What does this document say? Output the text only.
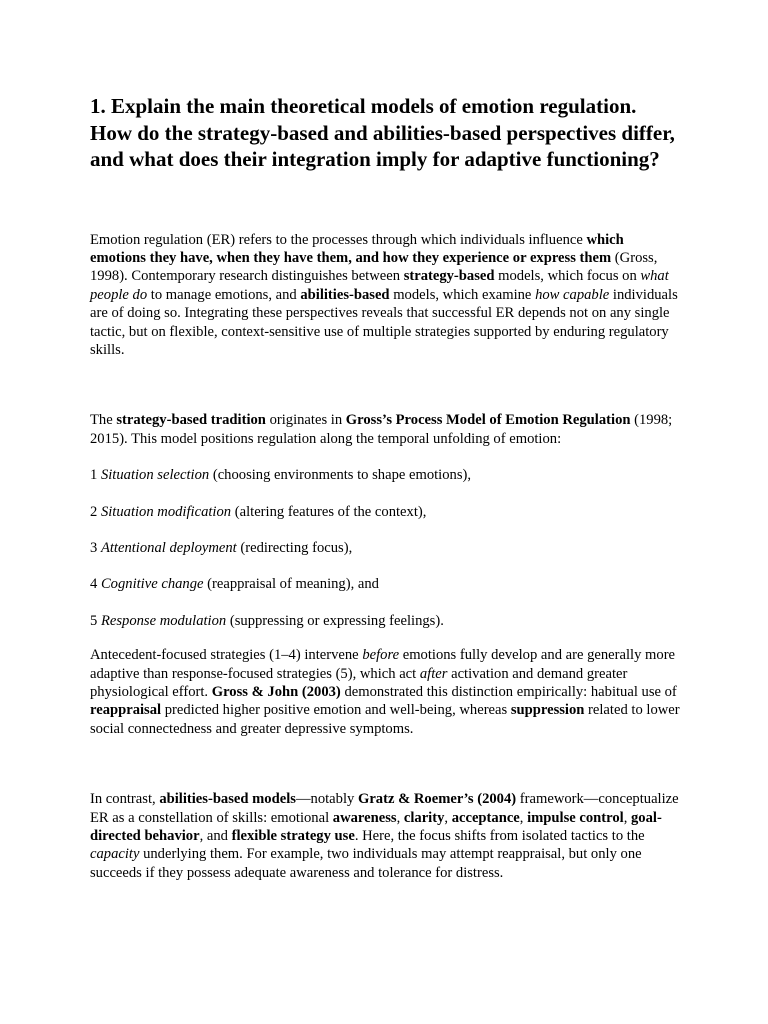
1. Explain the main theoretical models of emotion regulation. How do the strategy-based and abilities-based perspectives differ, and what does their integration imply for adaptive functioning?

Emotion regulation (ER) refers to the processes through which individuals influence which emotions they have, when they have them, and how they experience or express them (Gross, 1998). Contemporary research distinguishes between strategy-based models, which focus on what people do to manage emotions, and abilities-based models, which examine how capable individuals are of doing so. Integrating these perspectives reveals that successful ER depends not on any single tactic, but on flexible, context-sensitive use of multiple strategies supported by enduring regulatory skills.

The strategy-based tradition originates in Gross’s Process Model of Emotion Regulation (1998; 2015). This model positions regulation along the temporal unfolding of emotion:

1 Situation selection (choosing environments to shape emotions),

2 Situation modification (altering features of the context),

3 Attentional deployment (redirecting focus),

4 Cognitive change (reappraisal of meaning), and

5 Response modulation (suppressing or expressing feelings).

Antecedent-focused strategies (1–4) intervene before emotions fully develop and are generally more adaptive than response-focused strategies (5), which act after activation and demand greater physiological effort. Gross & John (2003) demonstrated this distinction empirically: habitual use of reappraisal predicted higher positive emotion and well-being, whereas suppression related to lower social connectedness and greater depressive symptoms.

In contrast, abilities-based models—notably Gratz & Roemer’s (2004) framework—conceptualize ER as a constellation of skills: emotional awareness, clarity, acceptance, impulse control, goal-directed behavior, and flexible strategy use. Here, the focus shifts from isolated tactics to the capacity underlying them. For example, two individuals may attempt reappraisal, but only one succeeds if they possess adequate awareness and tolerance for distress.
